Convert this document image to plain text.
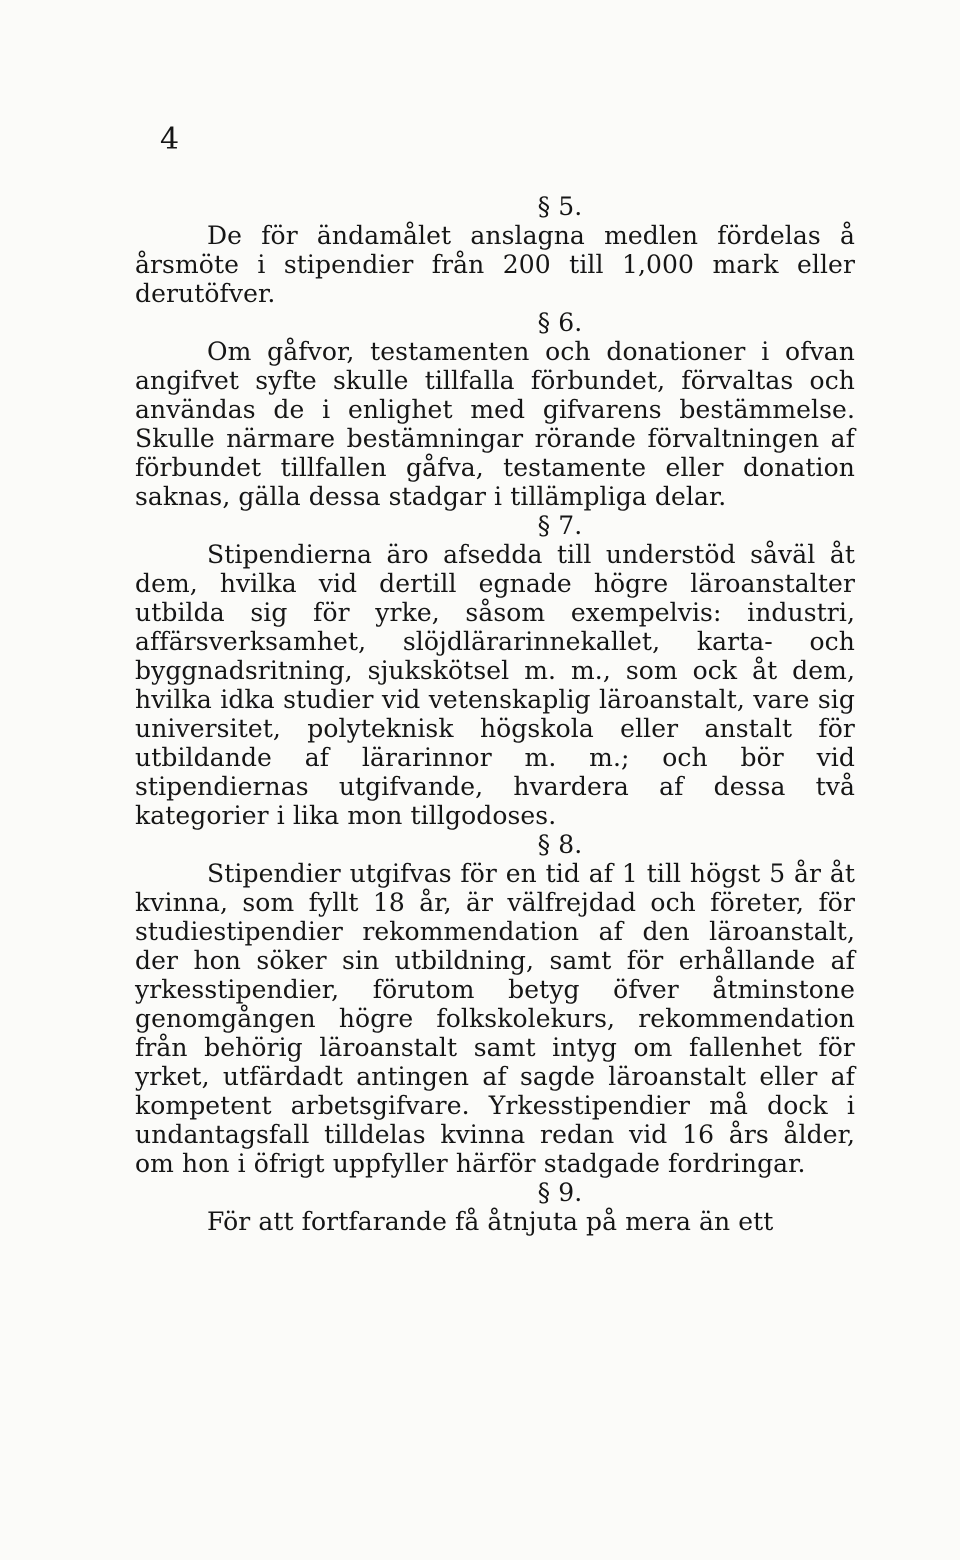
4
§ 5.

De för ändamålet anslagna medlen fördelas å årsmöte i stipendier från 200 till 1,000 mark eller derutöfver.

§ 6.

Om gåfvor, testamenten och donationer i ofvan angifvet syfte skulle tillfalla förbundet, förvaltas och användas de i enlighet med gifvarens bestämmelse. Skulle närmare bestämningar rörande förvaltningen af förbundet tillfallen gåfva, testamente eller donation saknas, gälla dessa stadgar i tillämpliga delar.

§ 7.

Stipendierna äro afsedda till understöd såväl åt dem, hvilka vid dertill egnade högre läroanstalter utbilda sig för yrke, såsom exempelvis: industri, affärsverksamhet, slöjdlärarinnekallet, karta- och byggnadsritning, sjukskötsel m. m., som ock åt dem, hvilka idka studier vid vetenskaplig läroanstalt, vare sig universitet, polyteknisk högskola eller anstalt för utbildande af lärarinnor m. m.; och bör vid stipendiernas utgifvande, hvardera af dessa två kategorier i lika mon tillgodoses.

§ 8.

Stipendier utgifvas för en tid af 1 till högst 5 år åt kvinna, som fyllt 18 år, är välfrejdad och företer, för studiestipendier rekommendation af den läroanstalt, der hon söker sin utbildning, samt för erhållande af yrkesstipendier, förutom betyg öfver åtminstone genomgången högre folkskolekurs, rekommendation från behörig läroanstalt samt intyg om fallenhet för yrket, utfärdadt antingen af sagde läroanstalt eller af kompetent arbetsgifvare. Yrkesstipendier må dock i undantagsfall tilldelas kvinna redan vid 16 års ålder, om hon i öfrigt uppfyller härför stadgade fordringar.

§ 9.

För att fortfarande få åtnjuta på mera än ett
